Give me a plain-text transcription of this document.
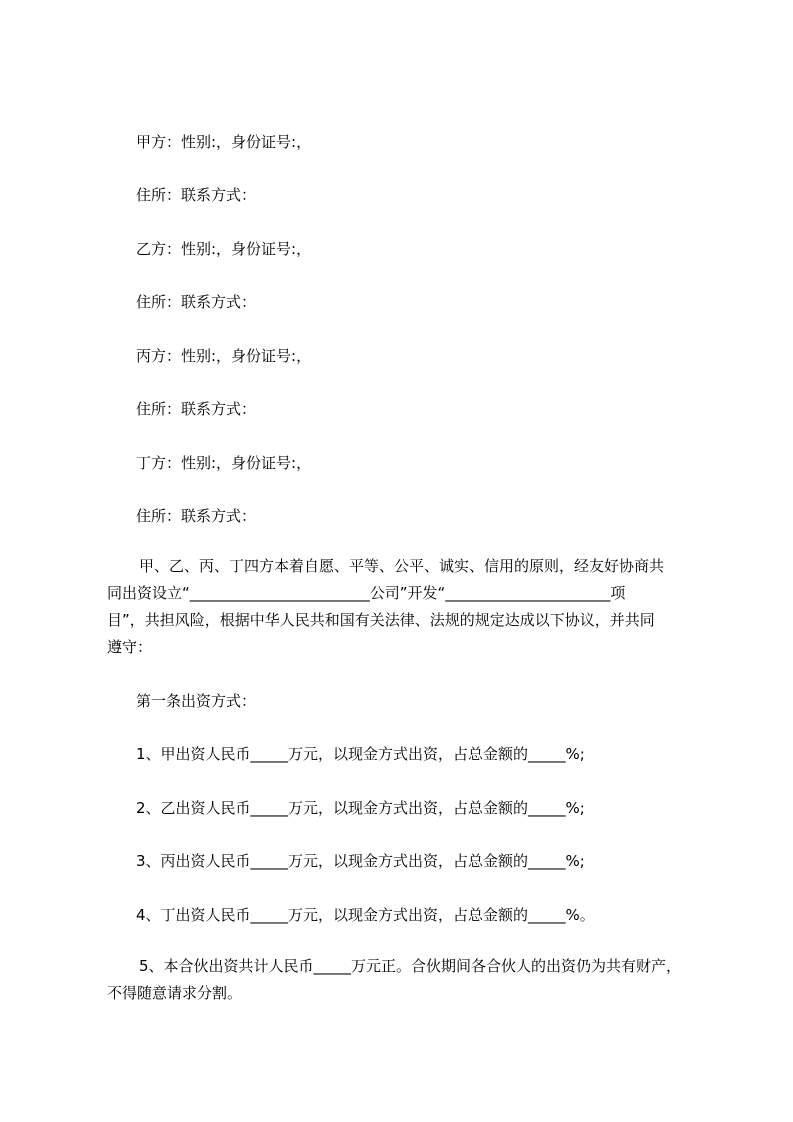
甲方：性别:，身份证号:，
住所：联系方式：
乙方：性别:，身份证号:，
住所：联系方式：
丙方：性别:，身份证号:，
住所：联系方式：
丁方：性别:，身份证号:，
住所：联系方式：
甲、乙、丙、丁四方本着自愿、平等、公平、诚实、信用的原则，经友好协商共
同出资设立“________________________公司”开发“______________________项
目”，共担风险，根据中华人民共和国有关法律、法规的规定达成以下协议，并共同
遵守：
第一条出资方式：
1、甲出资人民币_____万元，以现金方式出资，占总金额的_____%;
2、乙出资人民币_____万元，以现金方式出资，占总金额的_____%;
3、丙出资人民币_____万元，以现金方式出资，占总金额的_____%;
4、丁出资人民币_____万元，以现金方式出资，占总金额的_____%。
5、本合伙出资共计人民币_____万元正。合伙期间各合伙人的出资仍为共有财产，
不得随意请求分割。
